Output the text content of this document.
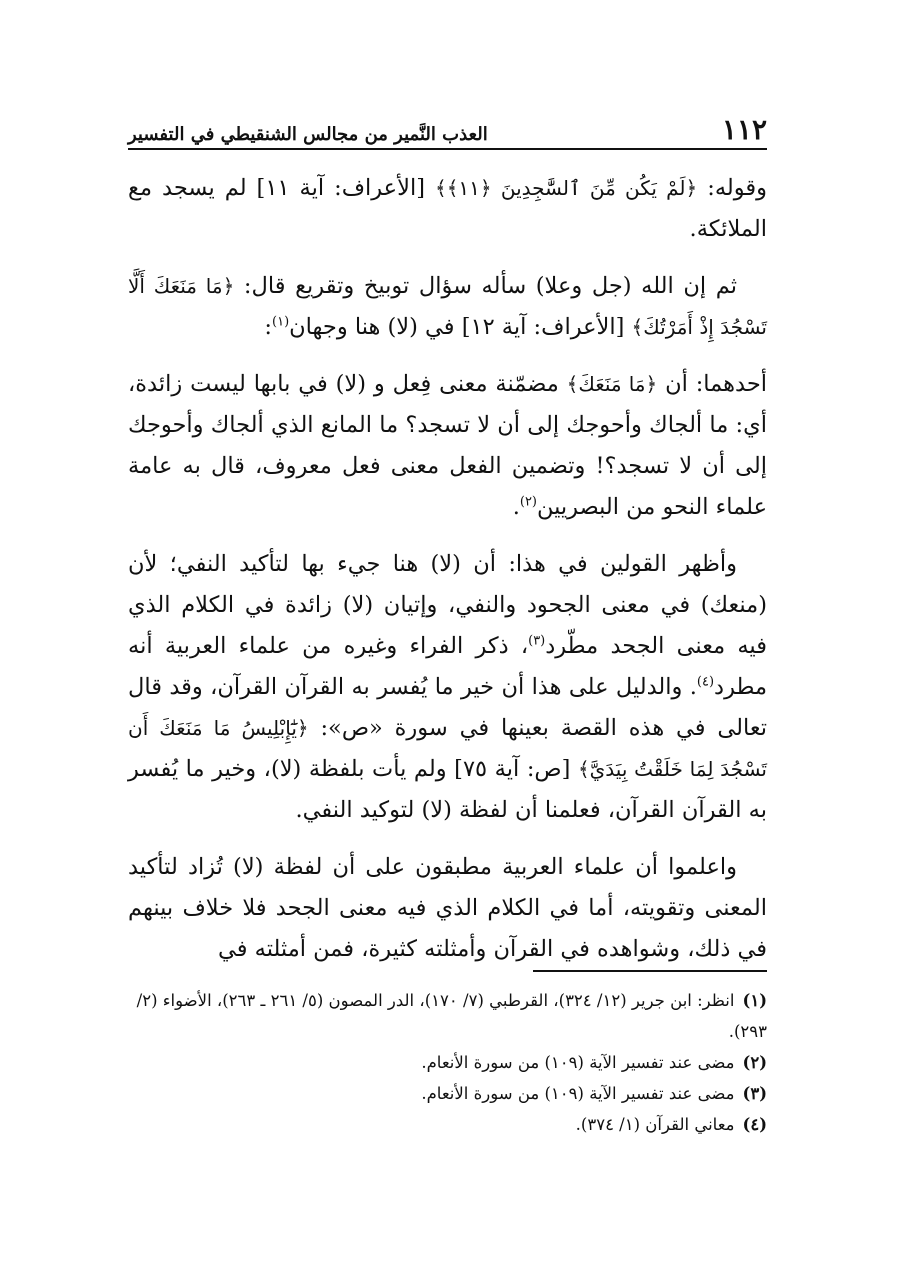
١١٢
العذب النَّمير من مجالس الشنقيطي في التفسير

وقوله: ﴿لَمْ يَكُن مِّنَ ٱلسَّٰجِدِينَ ﴿١١﴾﴾ [الأعراف: آية ١١] لم يسجد مع الملائكة.

ثم إن الله (جل وعلا) سأله سؤال توبيخ وتقريع قال: ﴿مَا مَنَعَكَ أَلَّا تَسْجُدَ إِذْ أَمَرْتُكَ﴾ [الأعراف: آية ١٢] في (لا) هنا وجهان$^{(١)}$:

أحدهما: أن ﴿مَا مَنَعَكَ﴾ مضمّنة معنى فِعل و (لا) في بابها ليست زائدة، أي: ما ألجاك وأحوجك إلى أن لا تسجد؟ ما المانع الذي ألجاك وأحوجك إلى أن لا تسجد؟! وتضمين الفعل معنى فعل معروف، قال به عامة علماء النحو من البصريين$^{(٢)}$.

وأظهر القولين في هذا: أن (لا) هنا جيء بها لتأكيد النفي؛ لأن (منعك) في معنى الجحود والنفي، وإتيان (لا) زائدة في الكلام الذي فيه معنى الجحد مطّرد$^{(٣)}$، ذكر الفراء وغيره من علماء العربية أنه مطرد$^{(٤)}$. والدليل على هذا أن خير ما يُفسر به القرآن القرآن، وقد قال تعالى في هذه القصة بعينها في سورة «ص»: ﴿يَٰٓإِبْلِيسُ مَا مَنَعَكَ أَن تَسْجُدَ لِمَا خَلَقْتُ بِيَدَيَّ﴾ [ص: آية ٧٥] ولم يأت بلفظة (لا)، وخير ما يُفسر به القرآن القرآن، فعلمنا أن لفظة (لا) لتوكيد النفي.

واعلموا أن علماء العربية مطبقون على أن لفظة (لا) تُزاد لتأكيد المعنى وتقويته، أما في الكلام الذي فيه معنى الجحد فلا خلاف بينهم في ذلك، وشواهده في القرآن وأمثلته كثيرة، فمن أمثلته في

(١)انظر: ابن جرير (١٢/ ٣٢٤)، القرطبي (٧/ ١٧٠)، الدر المصون (٥/ ٢٦١ ـ ٢٦٣)، الأضواء (٢/ ٢٩٣).

(٢)مضى عند تفسير الآية (١٠٩) من سورة الأنعام.

(٣)مضى عند تفسير الآية (١٠٩) من سورة الأنعام.

(٤)معاني القرآن (١/ ٣٧٤).
